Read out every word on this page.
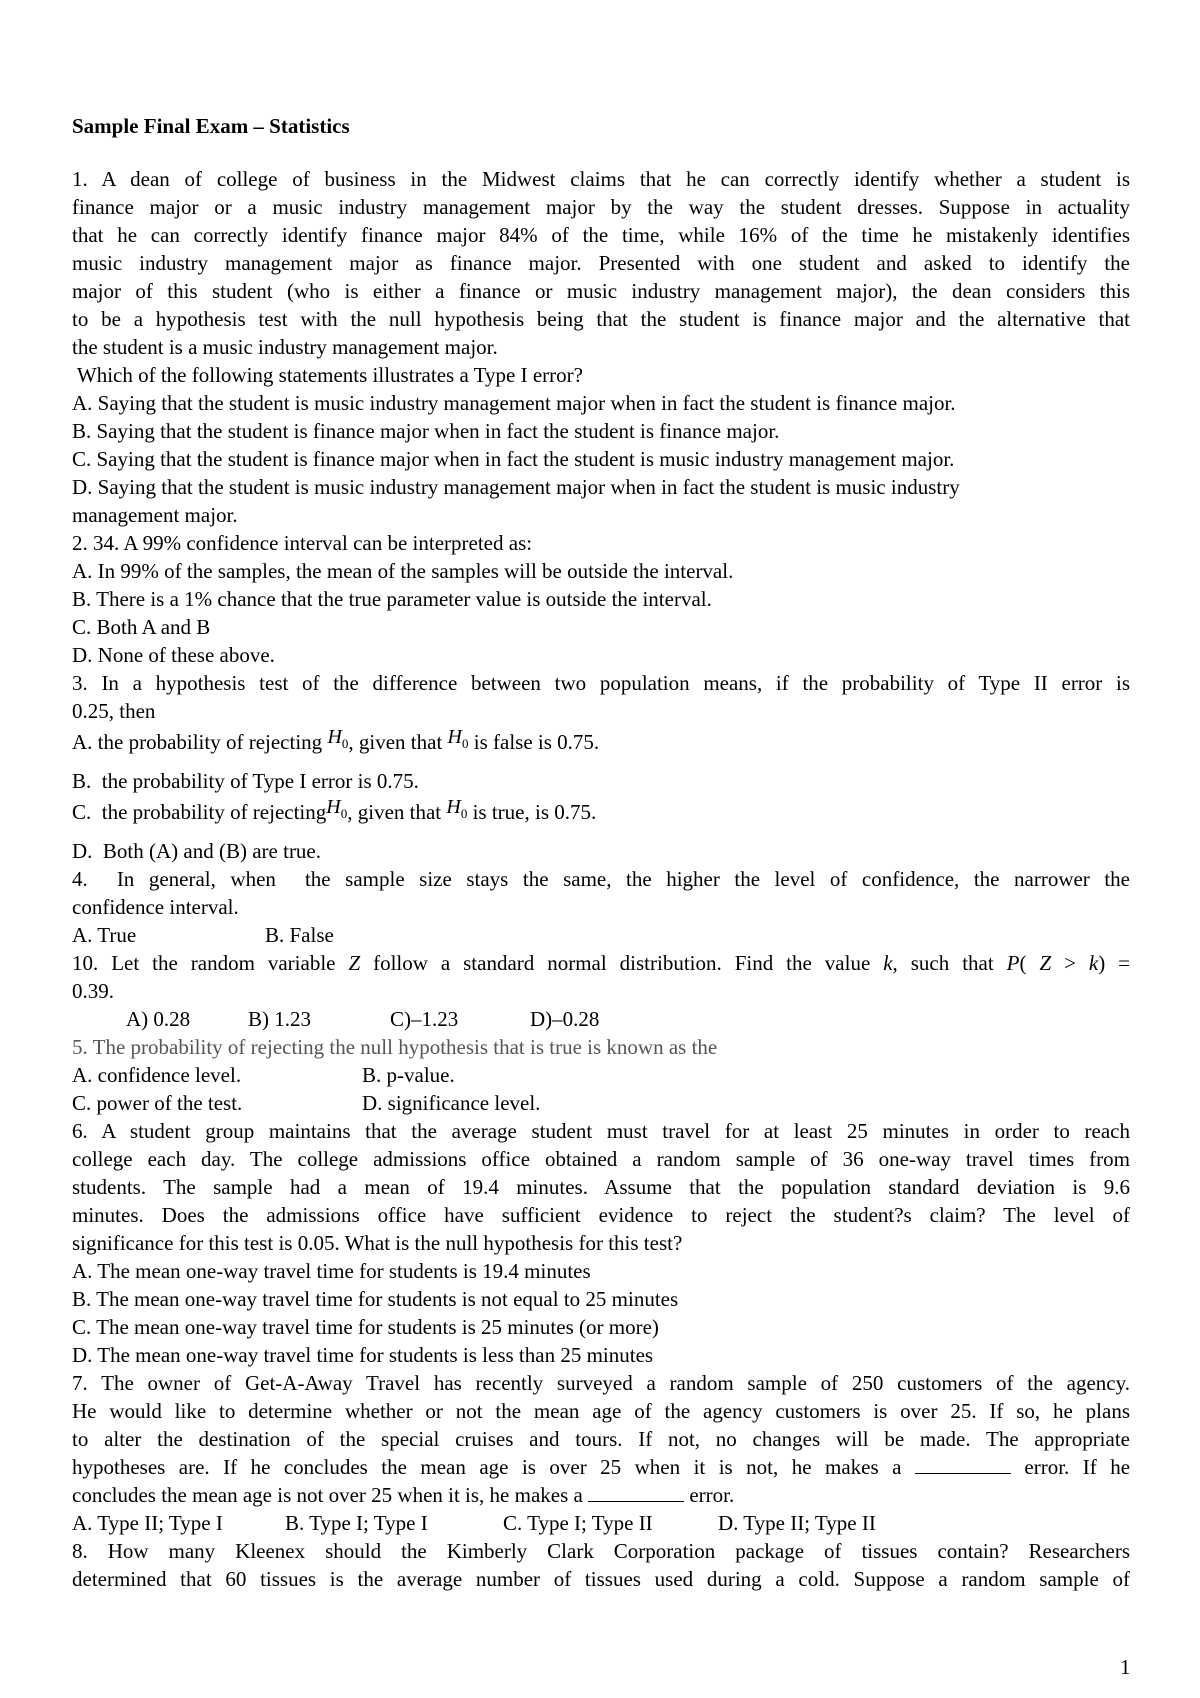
Sample Final Exam – Statistics

1. A dean of college of business in the Midwest claims that he can correctly identify whether a student is

finance major or a music industry management major by the way the student dresses. Suppose in actuality

that he can correctly identify finance major 84% of the time, while 16% of the time he mistakenly identifies

music industry management major as finance major. Presented with one student and asked to identify the

major of this student (who is either a finance or music industry management major), the dean considers this

to be a hypothesis test with the null hypothesis being that the student is finance major and the alternative that

the student is a music industry management major.

Which of the following statements illustrates a Type I error?

A. Saying that the student is music industry management major when in fact the student is finance major.

B. Saying that the student is finance major when in fact the student is finance major.

C. Saying that the student is finance major when in fact the student is music industry management major.

D. Saying that the student is music industry management major when in fact the student is music industry

management major.

2. 34. A 99% confidence interval can be interpreted as:

A. In 99% of the samples, the mean of the samples will be outside the interval.

B. There is a 1% chance that the true parameter value is outside the interval.

C. Both A and B

D. None of these above.

3. In a hypothesis test of the difference between two population means, if the probability of Type II error is

0.25, then

A. the probability of rejecting $H_0$, given that $H_0$ is false is 0.75.

B.  the probability of Type I error is 0.75.

C.  the probability of rejectingH$_0$, given that $H_0$ is true, is 0.75.

D.  Both (A) and (B) are true.

4.  In general, when  the sample size stays the same, the higher the level of confidence, the narrower the

confidence interval.

A. True	B. False

10. Let the random variable Z follow a standard normal distribution. Find the value k, such that P( Z > k) =

0.39.

A) 0.28	B) 1.23	C)–1.23	D)–0.28

5. The probability of rejecting the null hypothesis that is true is known as the

A. confidence level.	B. p-value.

C. power of the test.	D. significance level.

6. A student group maintains that the average student must travel for at least 25 minutes in order to reach

college each day. The college admissions office obtained a random sample of 36 one-way travel times from

students. The sample had a mean of 19.4 minutes. Assume that the population standard deviation is 9.6

minutes. Does the admissions office have sufficient evidence to reject the student?s claim? The level of

significance for this test is 0.05. What is the null hypothesis for this test?

A. The mean one-way travel time for students is 19.4 minutes

B. The mean one-way travel time for students is not equal to 25 minutes

C. The mean one-way travel time for students is 25 minutes (or more)

D. The mean one-way travel time for students is less than 25 minutes

7. The owner of Get-A-Away Travel has recently surveyed a random sample of 250 customers of the agency.

He would like to determine whether or not the mean age of the agency customers is over 25. If so, he plans

to alter the destination of the special cruises and tours. If not, no changes will be made. The appropriate

hypotheses are. If he concludes the mean age is over 25 when it is not, he makes a	error. If he

concludes the mean age is not over 25 when it is, he makes a	error.

A. Type II; Type I	B. Type I; Type I	C. Type I; Type II	D. Type II; Type II

8. How many Kleenex should the Kimberly Clark Corporation package of tissues contain? Researchers

determined that 60 tissues is the average number of tissues used during a cold. Suppose a random sample of

1
